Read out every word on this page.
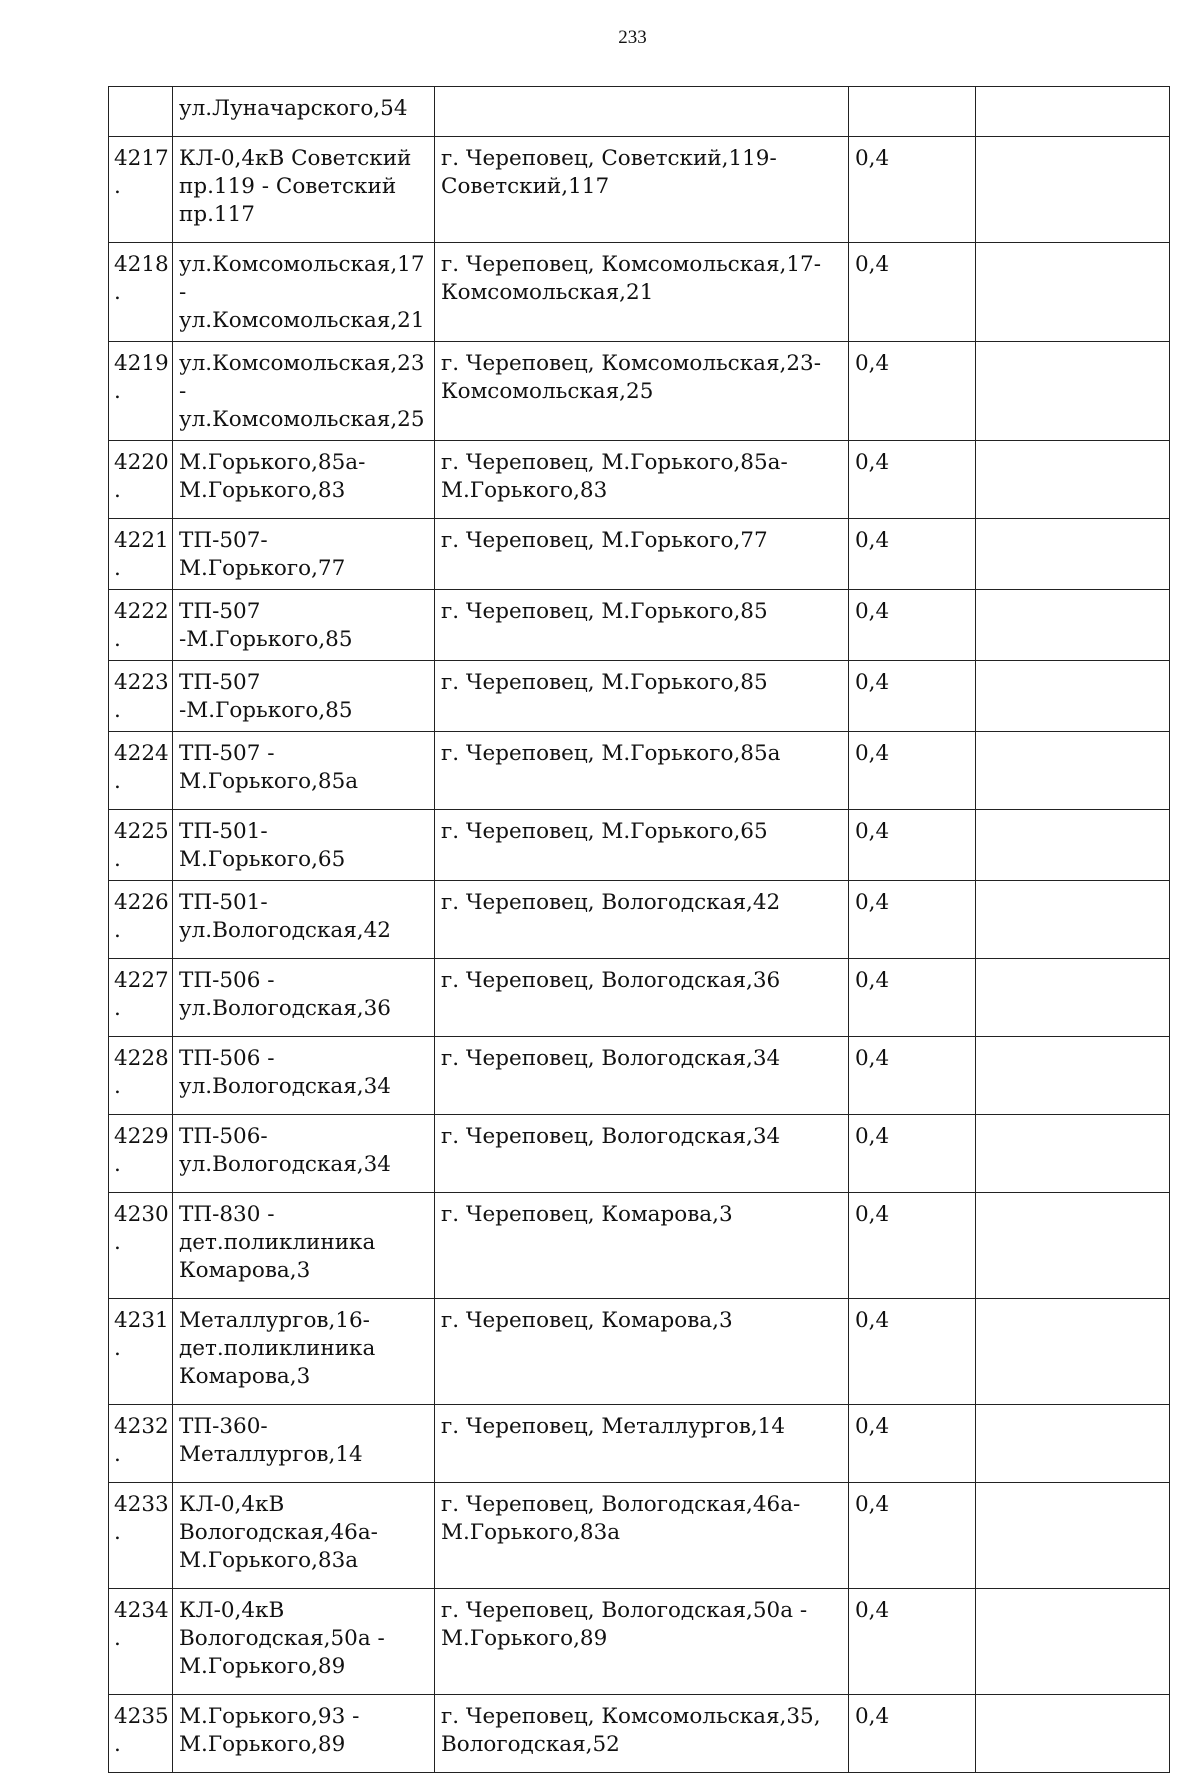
233
	ул.Луначарского,54			
4217.	КЛ-0,4кВ Советский
пр.119 - Советский
пр.117	г. Череповец, Советский,119-
Советский,117	0,4	
4218.	ул.Комсомольская,17-
ул.Комсомольская,21	г. Череповец, Комсомольская,17-
Комсомольская,21	0,4	
4219.	ул.Комсомольская,23-
ул.Комсомольская,25	г. Череповец, Комсомольская,23-
Комсомольская,25	0,4	
4220.	М.Горького,85а-
М.Горького,83	г. Череповец, М.Горького,85а-
М.Горького,83	0,4	
4221.	ТП-507-М.Горького,77	г. Череповец, М.Горького,77	0,4	
4222.	ТП-507 -М.Горького,85	г. Череповец, М.Горького,85	0,4	
4223.	ТП-507 -М.Горького,85	г. Череповец, М.Горького,85	0,4	
4224.	ТП-507 -
М.Горького,85а	г. Череповец, М.Горького,85а	0,4	
4225.	ТП-501-М.Горького,65	г. Череповец, М.Горького,65	0,4	
4226.	ТП-501-
ул.Вологодская,42	г. Череповец, Вологодская,42	0,4	
4227.	ТП-506 -
ул.Вологодская,36	г. Череповец, Вологодская,36	0,4	
4228.	ТП-506 -
ул.Вологодская,34	г. Череповец, Вологодская,34	0,4	
4229.	ТП-506-
ул.Вологодская,34	г. Череповец, Вологодская,34	0,4	
4230.	ТП-830 -
дет.поликлиника
Комарова,3	г. Череповец, Комарова,3	0,4	
4231.	Металлургов,16-
дет.поликлиника
Комарова,3	г. Череповец, Комарова,3	0,4	
4232.	ТП-360-
Металлургов,14	г. Череповец, Металлургов,14	0,4	
4233.	КЛ-0,4кВ
Вологодская,46а-
М.Горького,83а	г. Череповец, Вологодская,46а-
М.Горького,83а	0,4	
4234.	КЛ-0,4кВ
Вологодская,50а -
М.Горького,89	г. Череповец, Вологодская,50а -
М.Горького,89	0,4	
4235.	М.Горького,93 -
М.Горького,89	г. Череповец, Комсомольская,35,
Вологодская,52	0,4	
